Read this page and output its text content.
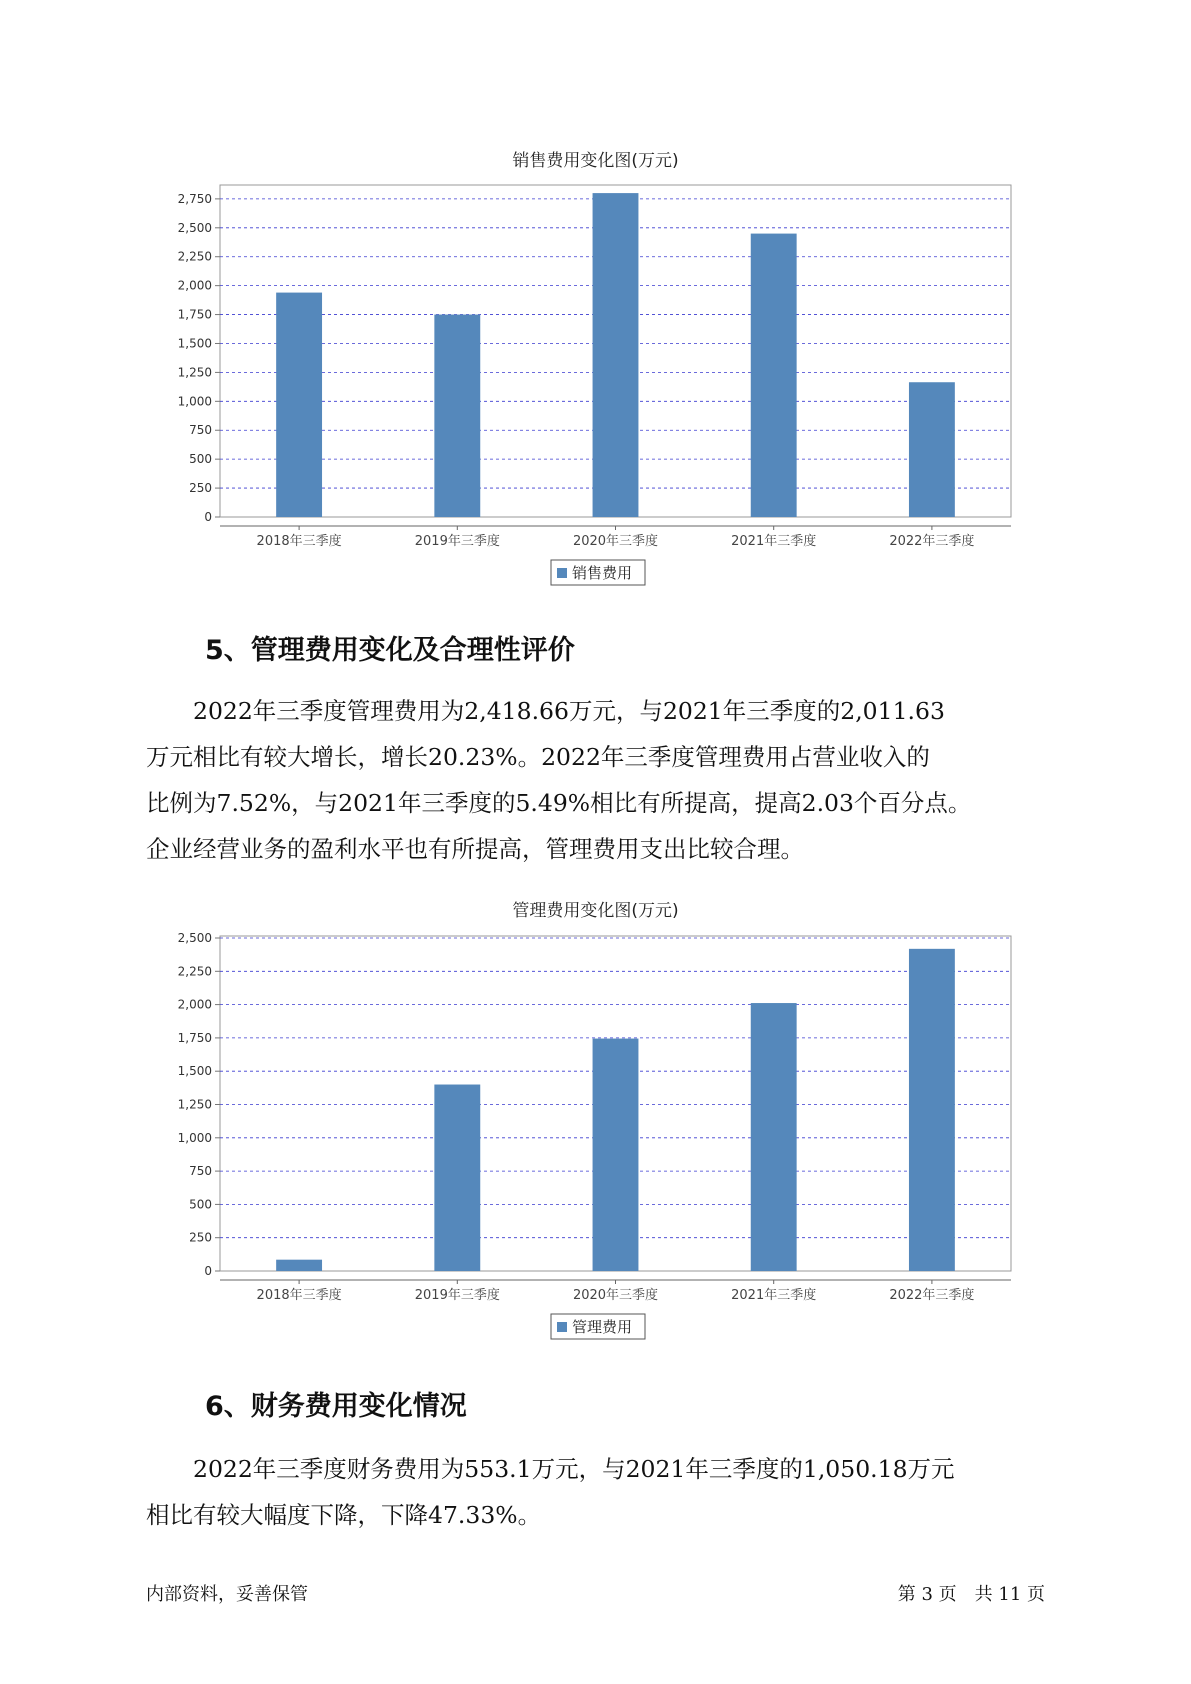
销售费用变化图(万元)
0
250
500
750
1,000
1,250
1,500
1,750
2,000
2,250
2,500
2,750
2018年三季度	2019年三季度	2020年三季度	2021年三季度	2022年三季度
销售费用
5、管理费用变化及合理性评价

　　2022年三季度管理费用为2,418.66万元，与2021年三季度的2,011.63

万元相比有较大增长，增长20.23%。2022年三季度管理费用占营业收入的

比例为7.52%，与2021年三季度的5.49%相比有所提高，提高2.03个百分点。

企业经营业务的盈利水平也有所提高，管理费用支出比较合理。

管理费用变化图(万元)
0
250
500
750
1,000
1,250
1,500
1,750
2,000
2,250
2,500
2018年三季度	2019年三季度	2020年三季度	2021年三季度	2022年三季度
管理费用
6、财务费用变化情况

　　2022年三季度财务费用为553.1万元，与2021年三季度的1,050.18万元

相比有较大幅度下降，下降47.33%。

内部资料，妥善保管	第 3 页　共 11 页
